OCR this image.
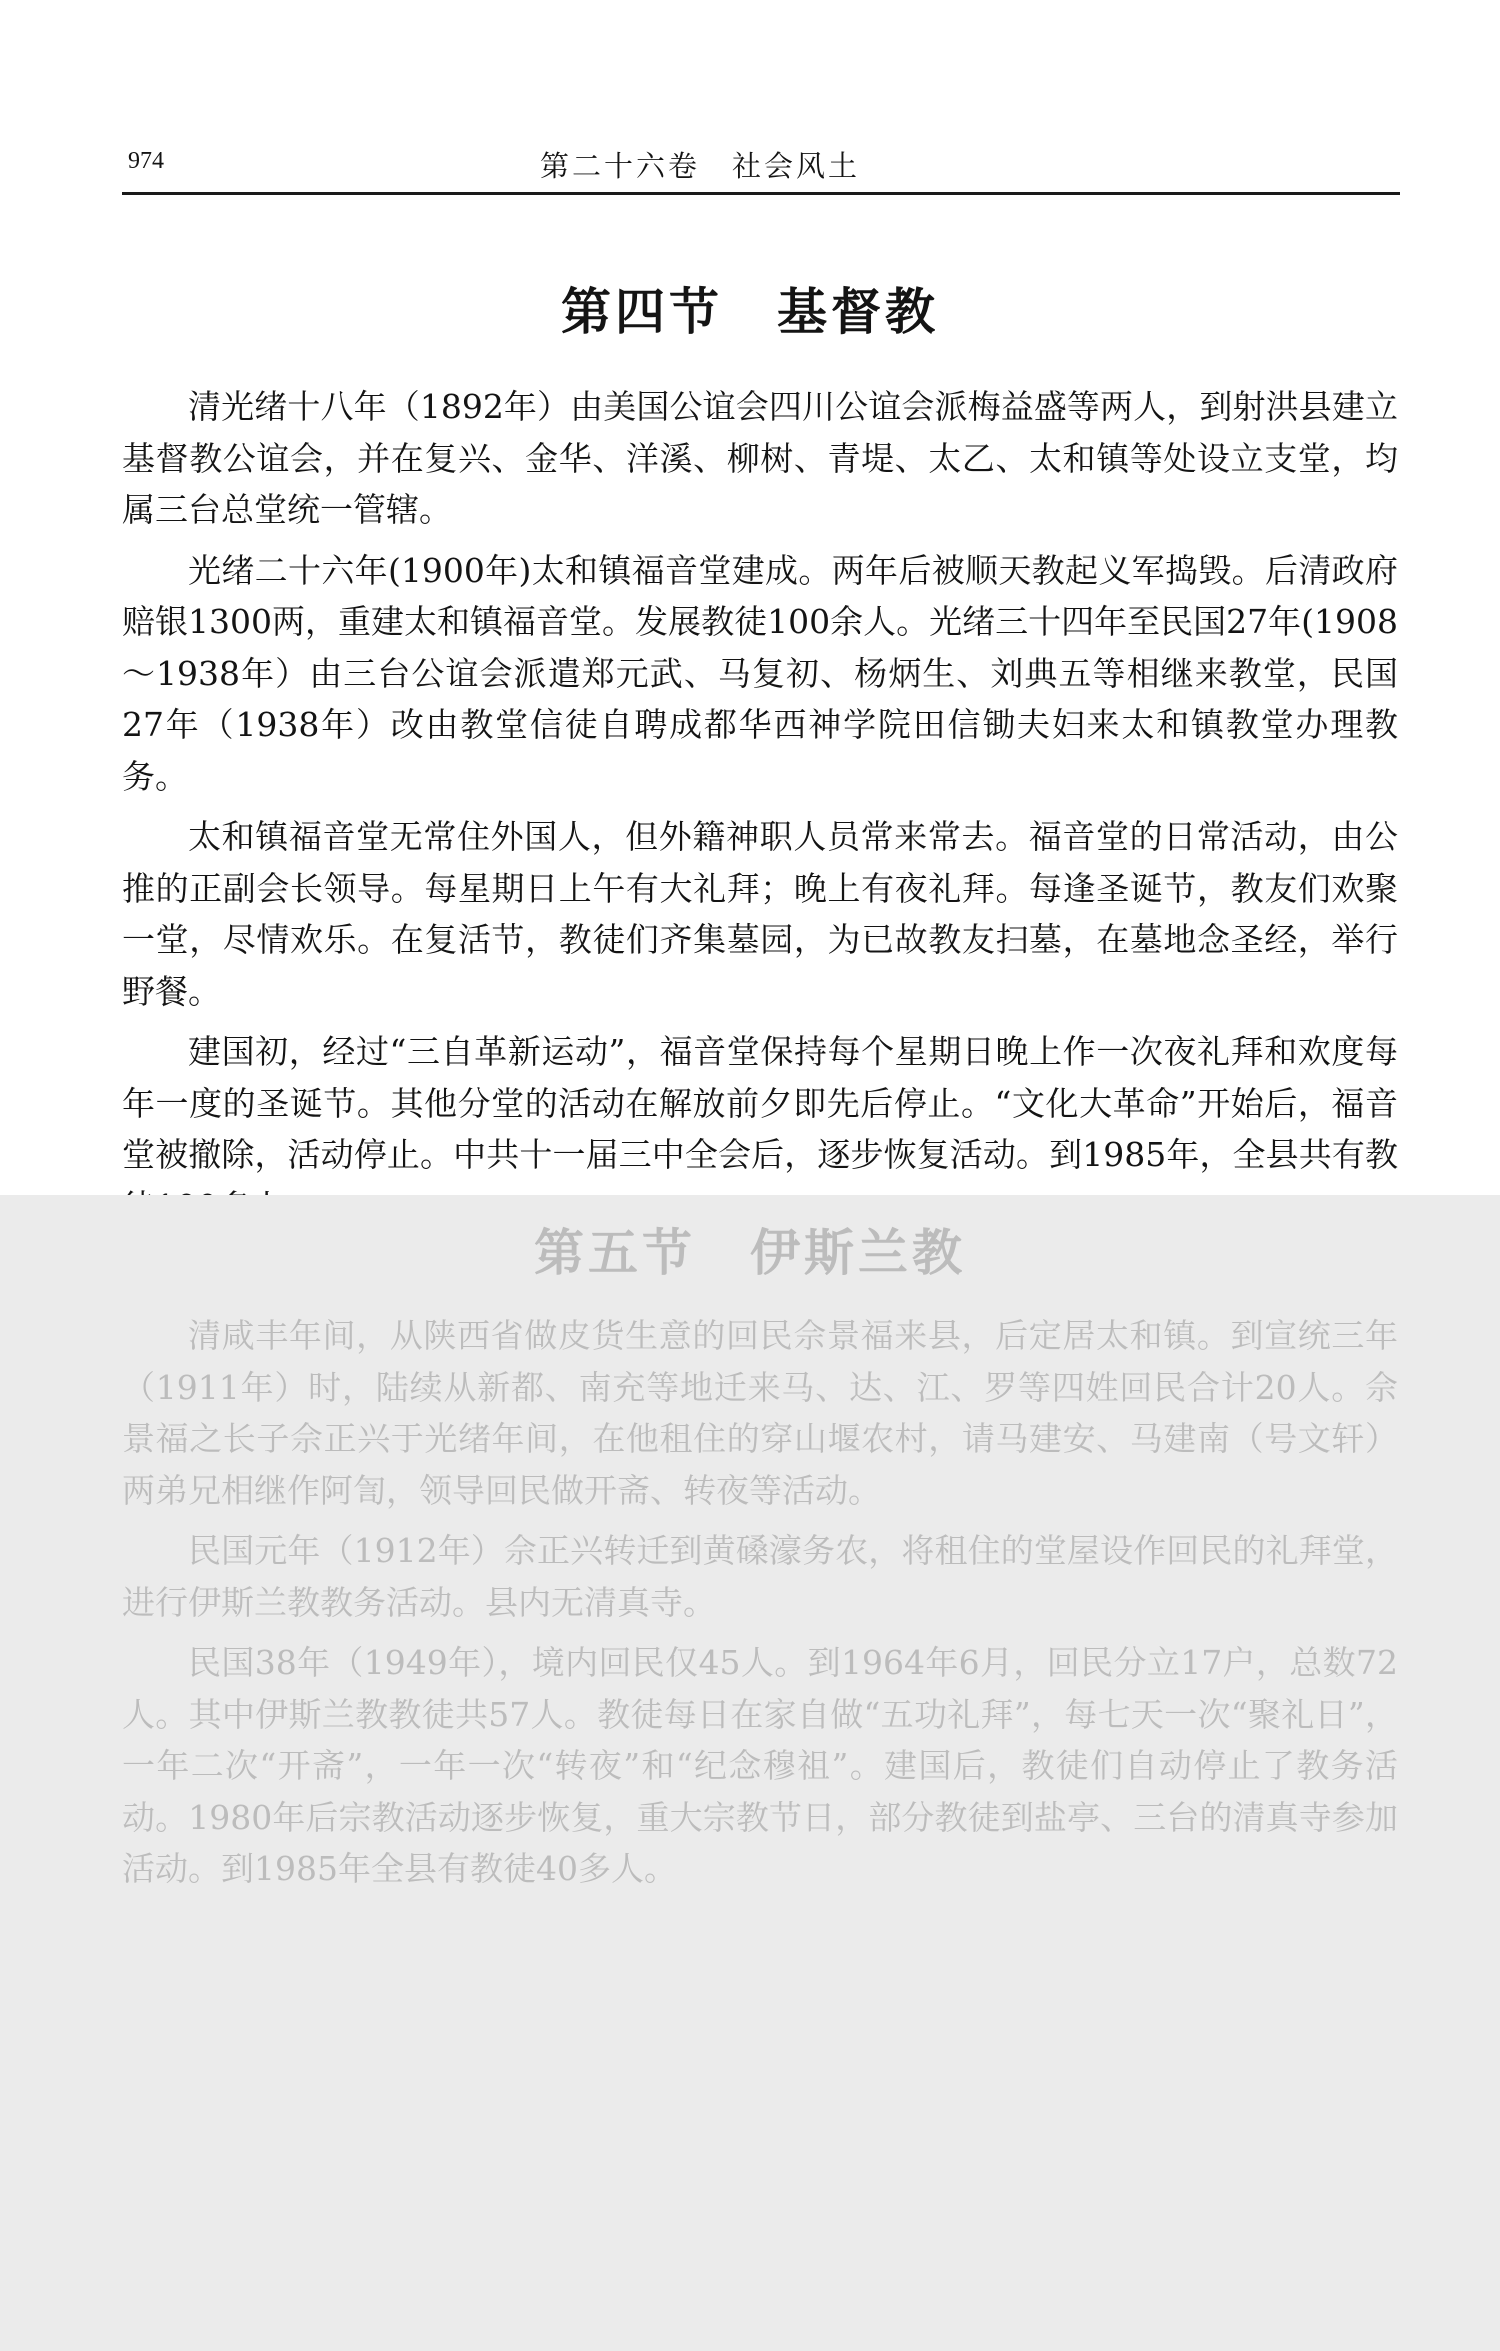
974	第二十六卷　社会风土
第四节　基督教

清光绪十八年（1892年）由美国公谊会四川公谊会派梅益盛等两人，到射洪县建立基督教公谊会，并在复兴、金华、洋溪、柳树、青堤、太乙、太和镇等处设立支堂，均属三台总堂统一管辖。

光绪二十六年(1900年)太和镇福音堂建成。两年后被顺天教起义军捣毁。后清政府赔银1300两，重建太和镇福音堂。发展教徒100余人。光绪三十四年至民国27年(1908～1938年）由三台公谊会派遣郑元武、马复初、杨炳生、刘典五等相继来教堂，民国27年（1938年）改由教堂信徒自聘成都华西神学院田信锄夫妇来太和镇教堂办理教务。

太和镇福音堂无常住外国人，但外籍神职人员常来常去。福音堂的日常活动，由公推的正副会长领导。每星期日上午有大礼拜；晚上有夜礼拜。每逢圣诞节，教友们欢聚一堂，尽情欢乐。在复活节，教徒们齐集墓园，为已故教友扫墓，在墓地念圣经，举行野餐。

建国初，经过“三自革新运动”，福音堂保持每个星期日晚上作一次夜礼拜和欢度每年一度的圣诞节。其他分堂的活动在解放前夕即先后停止。“文化大革命”开始后，福音堂被撤除，活动停止。中共十一届三中全会后，逐步恢复活动。到1985年，全县共有教

第五节　伊斯兰教

清咸丰年间，从陕西省做皮货生意的回民佘景福来县，后定居太和镇。到宣统三年（1911年）时，陆续从新都、南充等地迁来马、达、江、罗等四姓回民合计20人。佘景福之长子佘正兴于光绪年间，在他租住的穿山堰农村，请马建安、马建南（号文轩）两弟兄相继作阿訇，领导回民做开斋、转夜等活动。

民国元年（1912年）佘正兴转迁到黄磉濠务农，将租住的堂屋设作回民的礼拜堂，进行伊斯兰教教务活动。县内无清真寺。

民国38年（1949年），境内回民仅45人。到1964年6月，回民分立17户，总数72人。其中伊斯兰教教徒共57人。教徒每日在家自做“五功礼拜”，每七天一次“聚礼日”，一年二次“开斋”，一年一次“转夜”和“纪念穆祖”。建国后，教徒们自动停止了教务活动。1980年后宗教活动逐步恢复，重大宗教节日，部分教徒到盐亭、三台的清真寺参加活动。到1985年全县有教徒40多人。
